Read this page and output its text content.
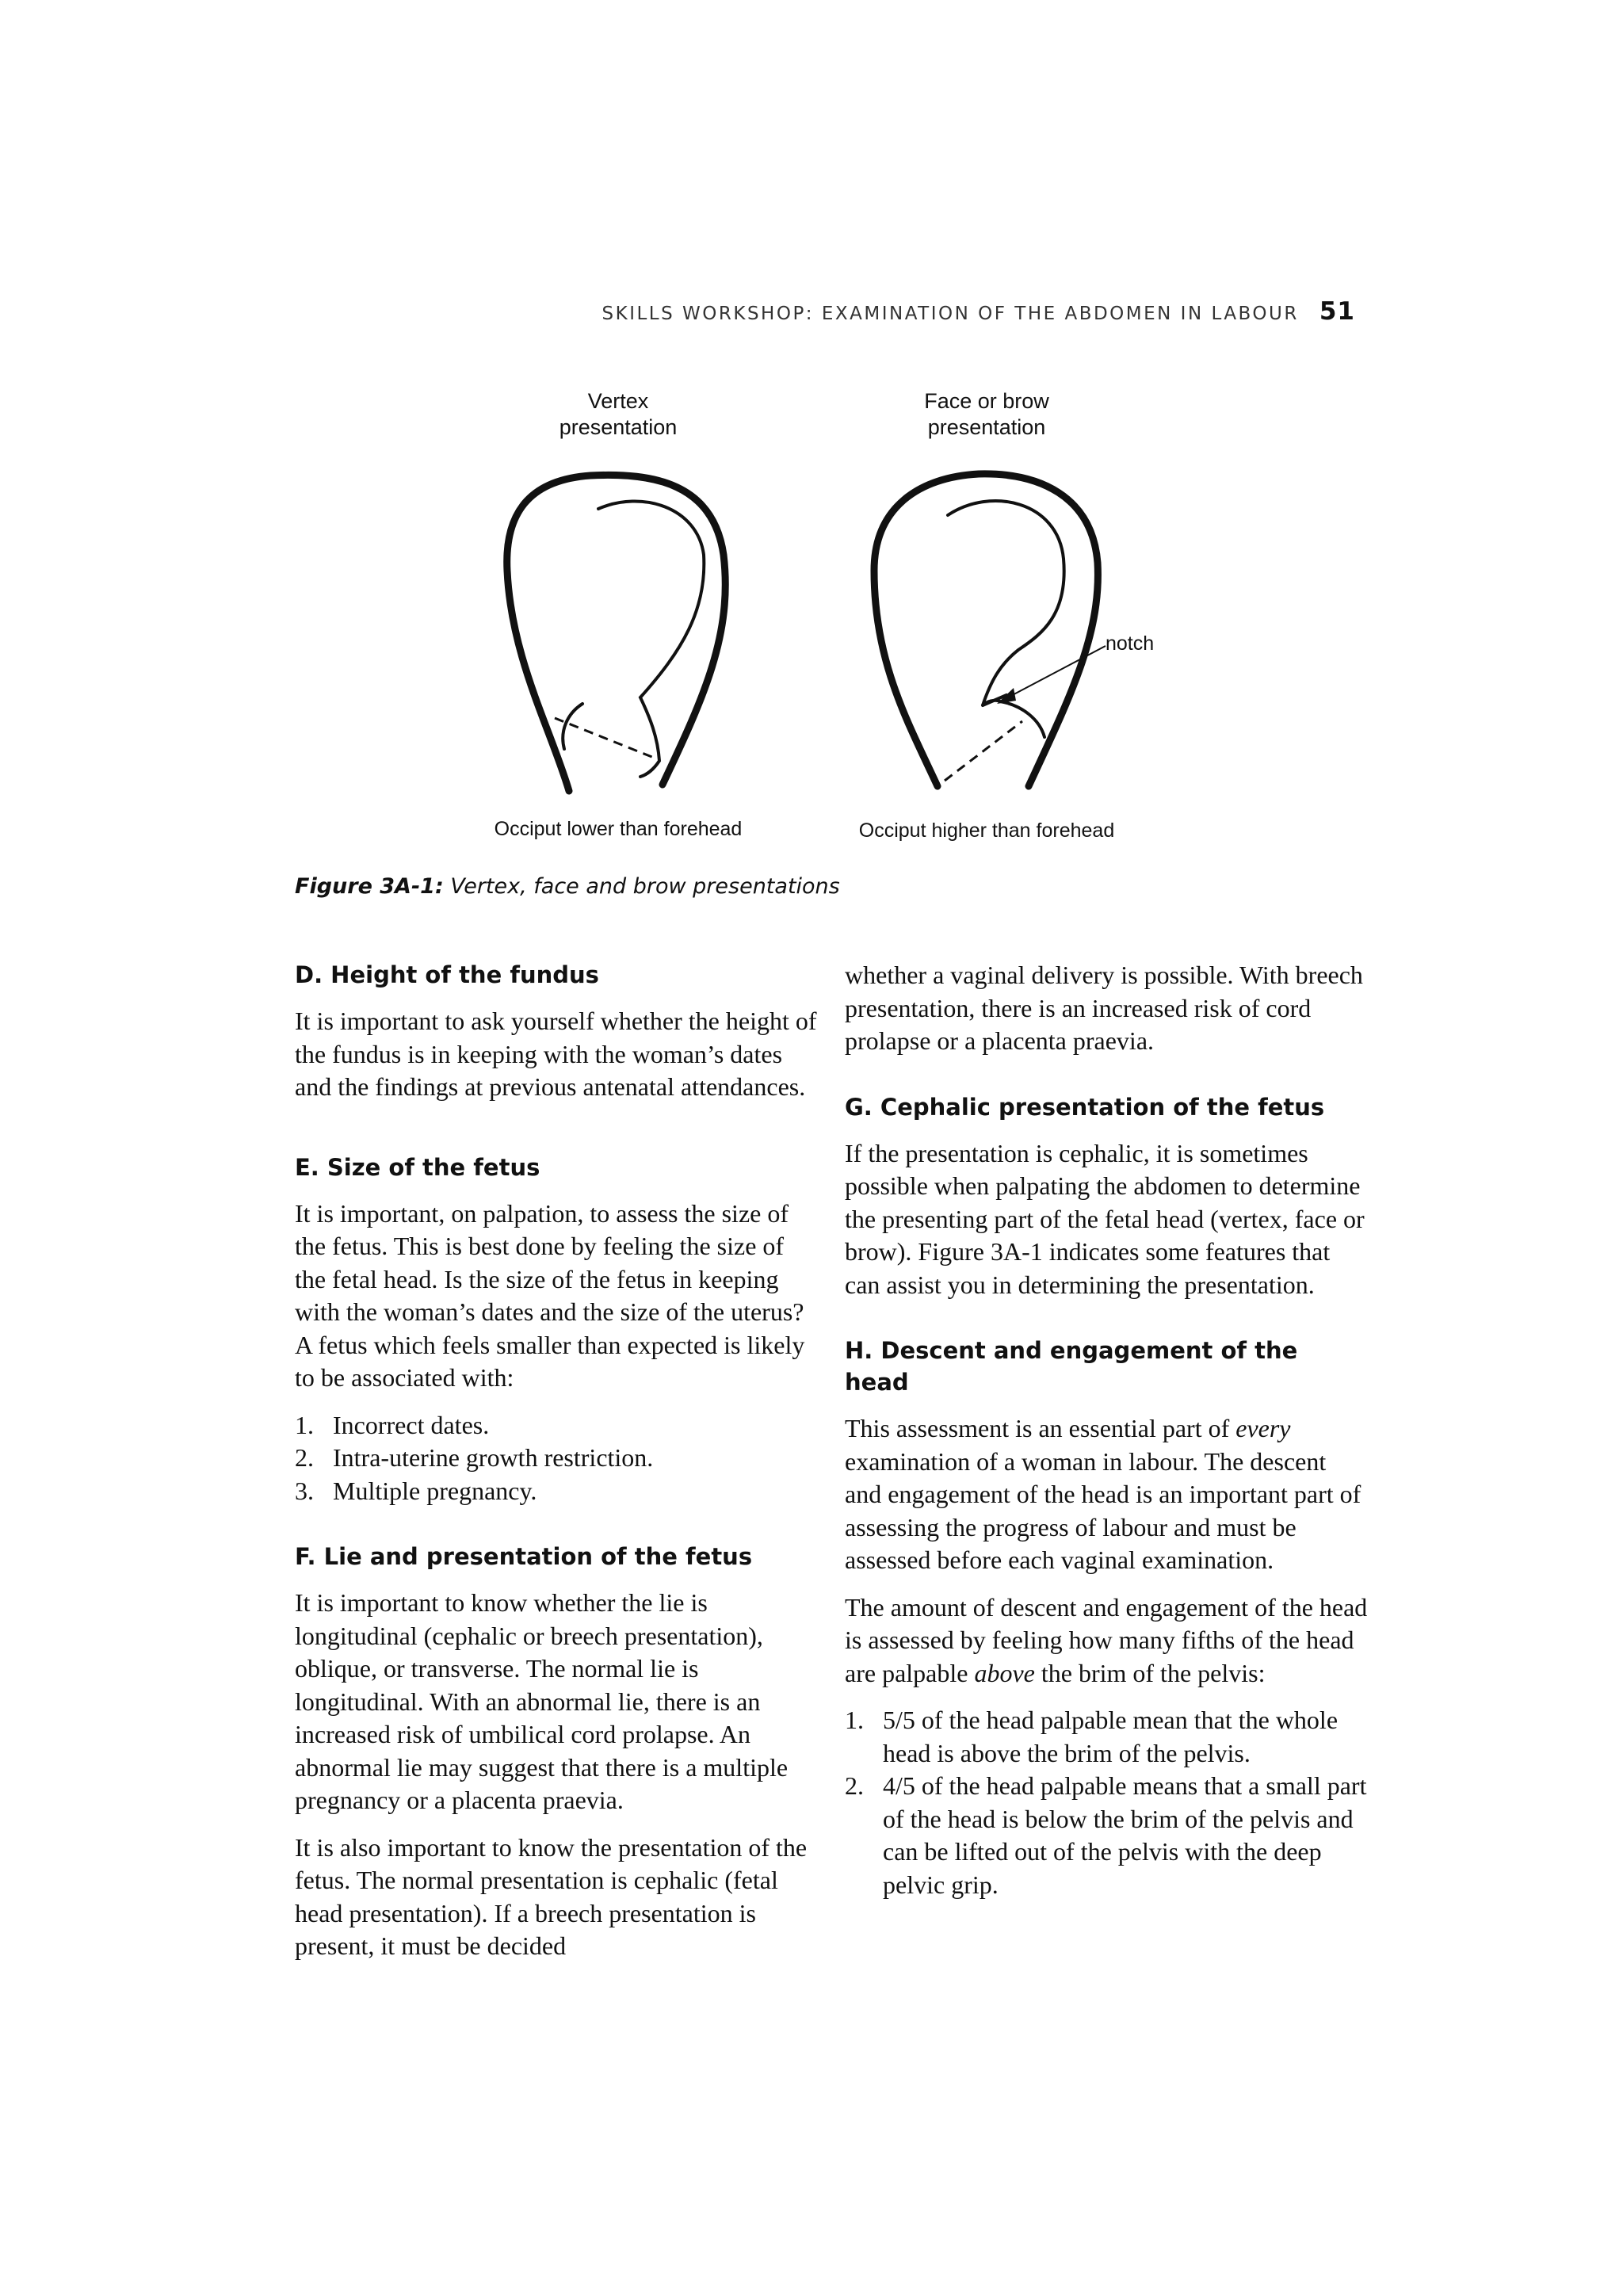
SKILLS WORKSHOP: EXAMINATION OF THE ABDOMEN IN LABOUR 51
Vertex
presentation
Face or brow
presentation
notch
Occiput lower than forehead	Occiput higher than forehead
Figure 3A-1: Vertex, face and brow presentations
D. Height of the fundus

It is important to ask yourself whether the height of the fundus is in keeping with the woman’s dates and the findings at previous antenatal attendances.

E. Size of the fetus

It is important, on palpation, to assess the size of the fetus. This is best done by feeling the size of the fetal head. Is the size of the fetus in keeping with the woman’s dates and the size of the uterus? A fetus which feels smaller than expected is likely to be associated with:

1. Incorrect dates.
2. Intra-uterine growth restriction.
3. Multiple pregnancy.
F. Lie and presentation of the fetus

It is important to know whether the lie is longitudinal (cephalic or breech presentation), oblique, or transverse. The normal lie is longitudinal. With an abnormal lie, there is an increased risk of umbilical cord prolapse. An abnormal lie may suggest that there is a multiple pregnancy or a placenta praevia.

It is also important to know the presentation of the fetus. The normal presentation is cephalic (fetal head presentation). If a breech presentation is present, it must be decided

whether a vaginal delivery is possible. With breech presentation, there is an increased risk of cord prolapse or a placenta praevia.

G. Cephalic presentation of the fetus

If the presentation is cephalic, it is sometimes possible when palpating the abdomen to determine the presenting part of the fetal head (vertex, face or brow). Figure 3A-1 indicates some features that can assist you in determining the presentation.

H. Descent and engagement of the head

This assessment is an essential part of every examination of a woman in labour. The descent and engagement of the head is an important part of assessing the progress of labour and must be assessed before each vaginal examination.

The amount of descent and engagement of the head is assessed by feeling how many fifths of the head are palpable above the brim of the pelvis:

1. 5/5 of the head palpable mean that the whole head is above the brim of the pelvis.
2. 4/5 of the head palpable means that a small part of the head is below the brim of the pelvis and can be lifted out of the pelvis with the deep pelvic grip.
